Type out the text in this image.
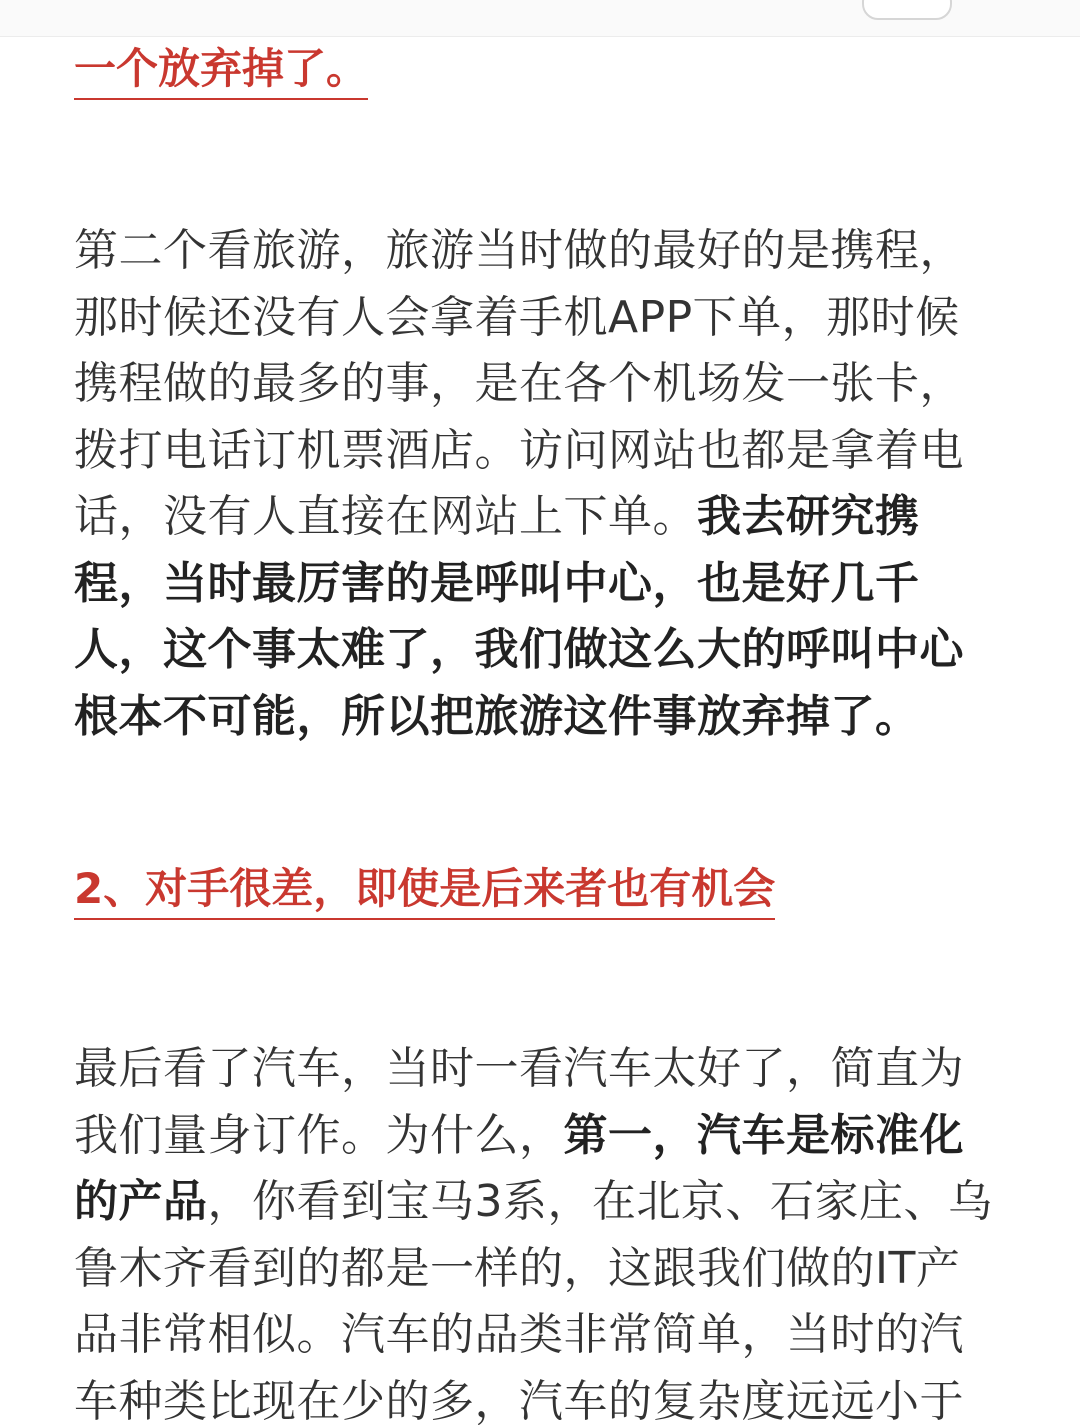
一个放弃掉了。
第二个看旅游，旅游当时做的最好的是携程，
那时候还没有人会拿着手机APP下单，那时候
携程做的最多的事，是在各个机场发一张卡，
拨打电话订机票酒店。访问网站也都是拿着电
话，没有人直接在网站上下单。我去研究携
程，当时最厉害的是呼叫中心，也是好几千
人，这个事太难了，我们做这么大的呼叫中心
根本不可能，所以把旅游这件事放弃掉了。
2、对手很差，即使是后来者也有机会
最后看了汽车，当时一看汽车太好了，简直为
我们量身订作。为什么，第一，汽车是标准化
的产品，你看到宝马3系，在北京、石家庄、乌
鲁木齐看到的都是一样的，这跟我们做的IT产
品非常相似。汽车的品类非常简单，当时的汽
车种类比现在少的多，汽车的复杂度远远小于
